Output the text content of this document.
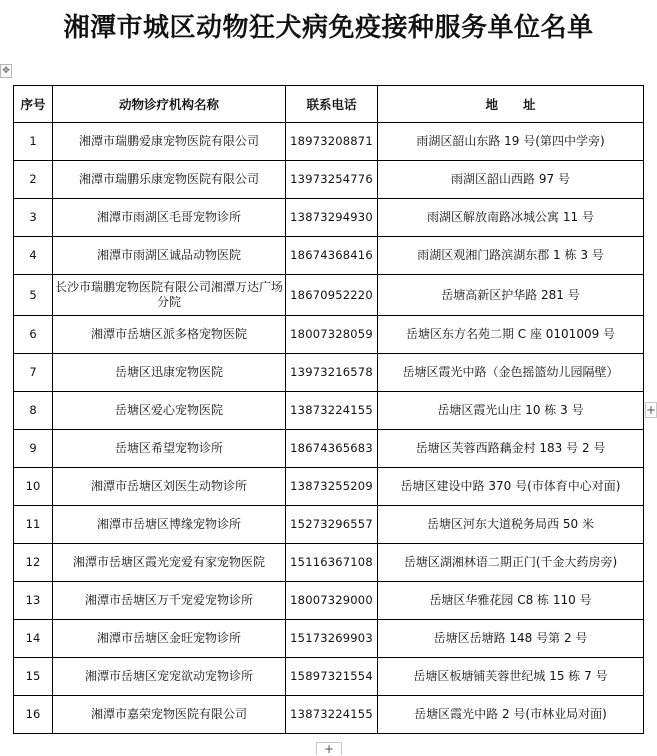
湘潭市城区动物狂犬病免疫接种服务单位名单
✥
序号	动物诊疗机构名称	联系电话	地　　址
1	湘潭市瑞鹏爱康宠物医院有限公司	18973208871	雨湖区韶山东路 19 号(第四中学旁)
2	湘潭市瑞鹏乐康宠物医院有限公司	13973254776	雨湖区韶山西路 97 号
3	湘潭市雨湖区毛哥宠物诊所	13873294930	雨湖区解放南路冰城公寓 11 号
4	湘潭市雨湖区诚品动物医院	18674368416	雨湖区观湘门路滨湖东郡 1 栋 3 号
5	长沙市瑞鹏宠物医院有限公司湘潭万达广场分院	18670952220	岳塘高新区护华路 281 号
6	湘潭市岳塘区派多格宠物医院	18007328059	岳塘区东方名苑二期 C 座 0101009 号
7	岳塘区迅康宠物医院	13973216578	岳塘区霞光中路（金色摇篮幼儿园隔壁）
8	岳塘区爱心宠物医院	13873224155	岳塘区霞光山庄 10 栋 3 号
9	岳塘区希望宠物诊所	18674365683	岳塘区芙蓉西路藕金村 183 号 2 号
10	湘潭市岳塘区刘医生动物诊所	13873255209	岳塘区建设中路 370 号(市体育中心对面)
11	湘潭市岳塘区博缘宠物诊所	15273296557	岳塘区河东大道税务局西 50 米
12	湘潭市岳塘区霞光宠爱有家宠物医院	15116367108	岳塘区湖湘林语二期正门(千金大药房旁)
13	湘潭市岳塘区万千宠爱宠物诊所	18007329000	岳塘区华雅花园 C8 栋 110 号
14	湘潭市岳塘区金旺宠物诊所	15173269903	岳塘区岳塘路 148 号第 2 号
15	湘潭市岳塘区宠宠欲动宠物诊所	15897321554	岳塘区板塘铺芙蓉世纪城 15 栋 7 号
16	湘潭市嘉荣宠物医院有限公司	13873224155	岳塘区霞光中路 2 号(市林业局对面)
+
+
